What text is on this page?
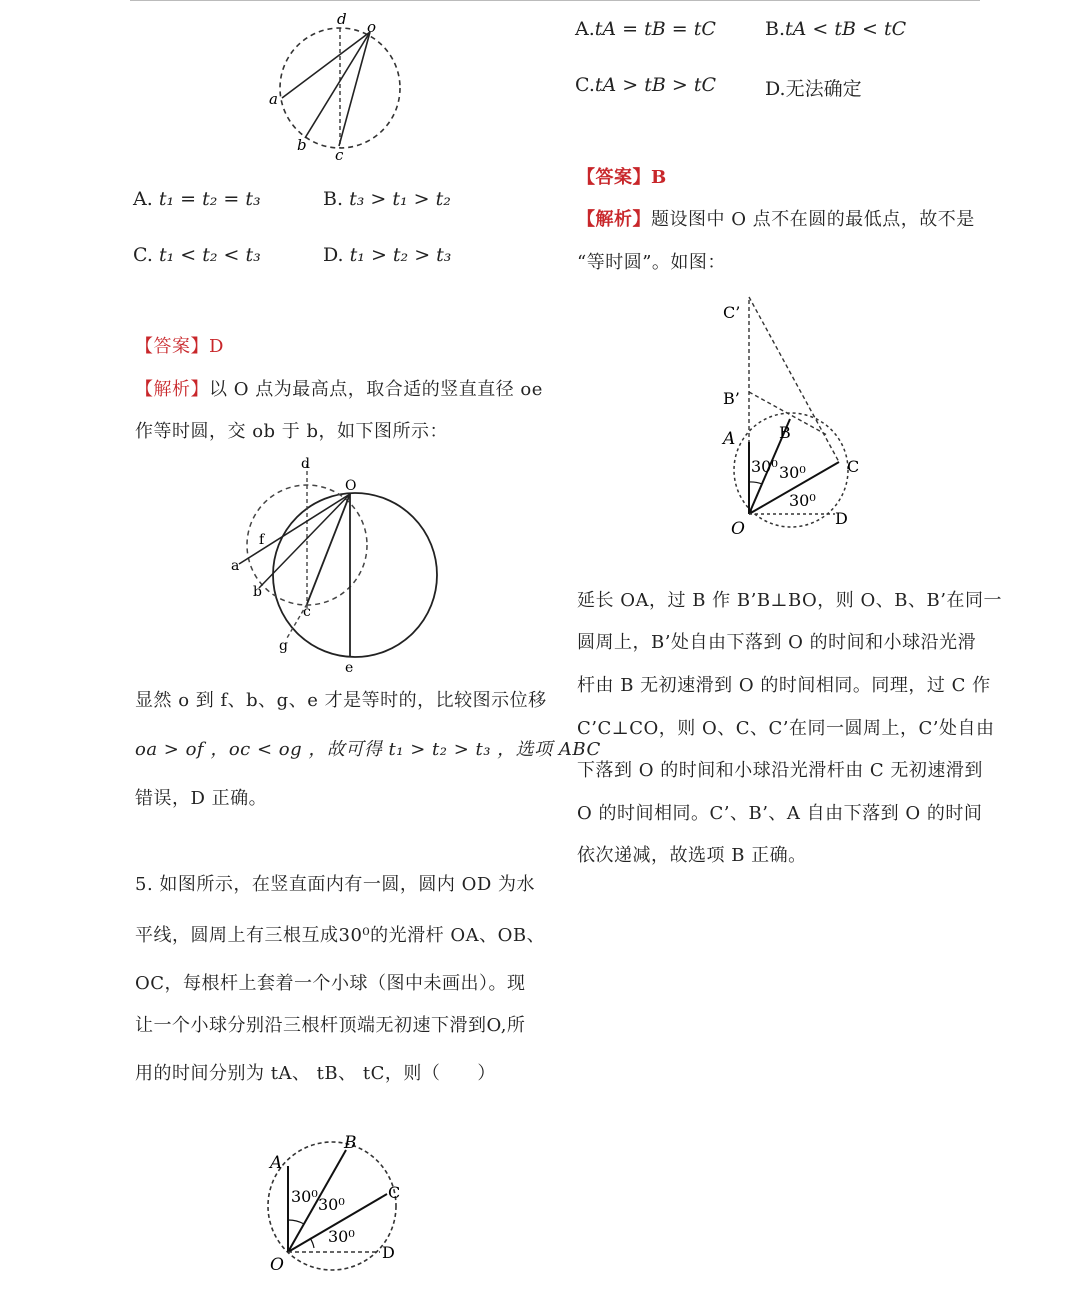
d o
a
b
c
A. t₁ = t₂ = t₃	B. t₃ > t₁ > t₂
C. t₁ < t₂ < t₃	D. t₁ > t₂ > t₃
【答案】D
【解析】以 O 点为最高点，取合适的竖直直径 oe
作等时圆，交 ob 于 b，如下图所示：
d
O
f
a
b
c
g
e
显然 o 到 f、b、g、e 才是等时的，比较图示位移
oa > of ，oc < og ，故可得 t₁ > t₂ > t₃ ，选项 ABC
错误，D 正确。
5. 如图所示，在竖直面内有一圆，圆内 OD 为水
平线，圆周上有三根互成30⁰的光滑杆 OA、OB、
OC，每根杆上套着一个小球（图中未画出）。现
让一个小球分别沿三根杆顶端无初速下滑到O,所
用的时间分别为 tA、 tB、 tC，则（　　）
A
B
C
D
O
30⁰ 30⁰
30⁰
A.tA = tB = tC	B.tA < tB < tC
C.tA > tB > tC	D.无法确定
【答案】B
【解析】题设图中 O 点不在圆的最低点，故不是
“等时圆”。如图：
C’
B’
A	B
C
D
O
30⁰ 30⁰
30⁰
延长 OA，过 B 作 B’B⊥BO，则 O、B、B’在同一
圆周上，B’处自由下落到 O 的时间和小球沿光滑
杆由 B 无初速滑到 O 的时间相同。同理，过 C 作
C’C⊥CO，则 O、C、C’在同一圆周上，C’处自由
下落到 O 的时间和小球沿光滑杆由 C 无初速滑到
O 的时间相同。C’、B’、A 自由下落到 O 的时间
依次递减，故选项 B 正确。
